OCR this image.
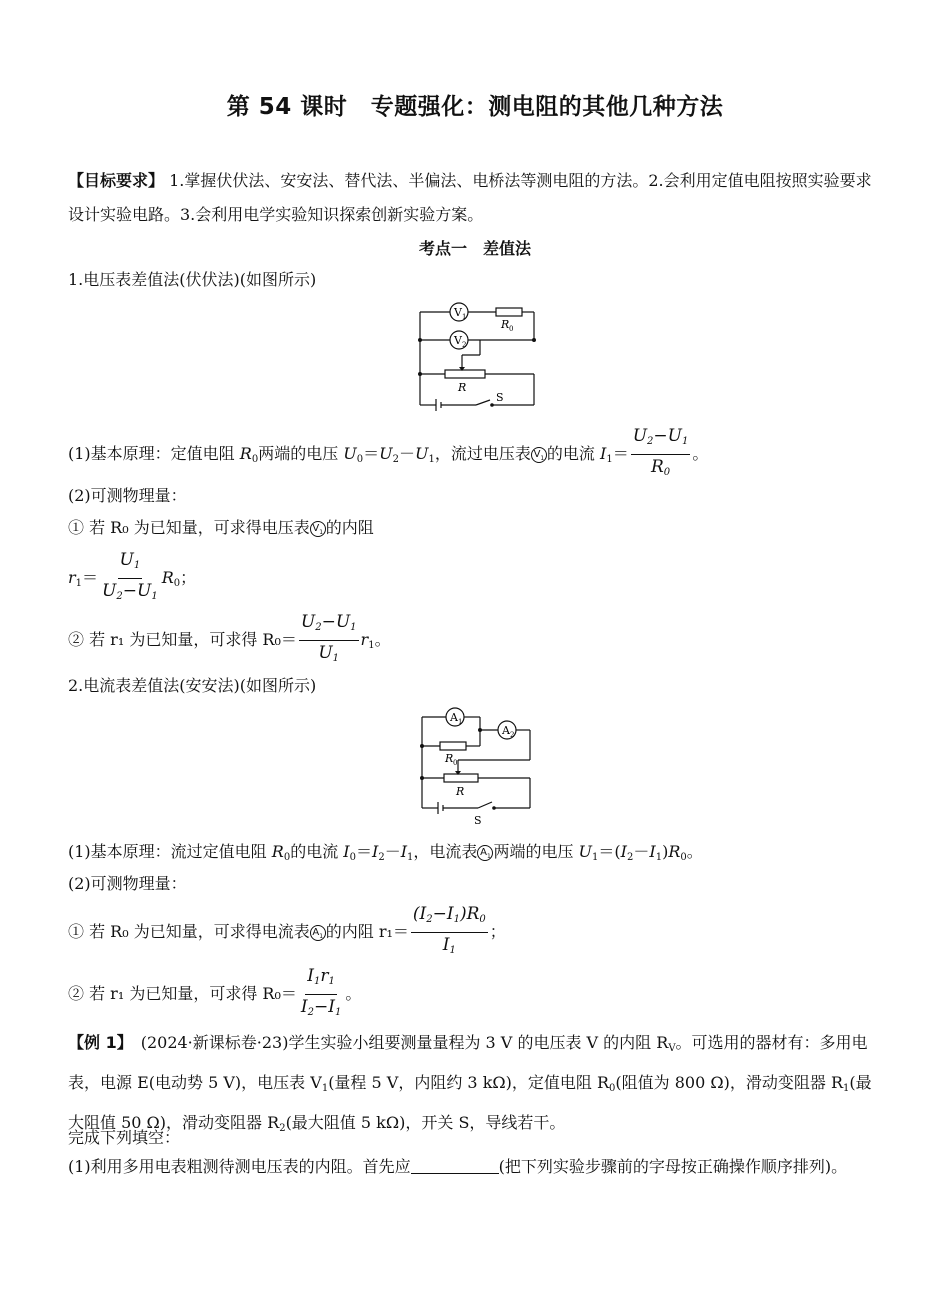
第 54 课时　专题强化：测电阻的其他几种方法
【目标要求】 1.掌握伏伏法、安安法、替代法、半偏法、电桥法等测电阻的方法。2.会利用定值电阻按照实验要求设计实验电路。3.会利用电学实验知识探索创新实验方案。
考点一　差值法
1.电压表差值法(伏伏法)(如图所示)
V 1
V 2
R 0
R
S
(1)基本原理：定值电阻 $R_0$两端的电压 $U_0=U_2-U_1$，流过电压表 $V_1$ 的电流 $I_1= \frac{U_2-U_1}{R_0}$ 。
(2)可测物理量：
① 若 R₀ 为已知量，可求得电压表 $V_1$ 的内阻
$r_1= \frac{U_1}{U_2-U_1} R_0$；
② 若 r₁ 为已知量，可求得 $R_0= \frac{U_2-U_1}{U_1} r_1$。
2.电流表差值法(安安法)(如图所示)
A 1
A 2
R 0
R
S
(1)基本原理：流过定值电阻 $R_0$的电流 $I_0=I_2-I_1$，电流表 $A_1$ 两端的电压 $U_1=(I_2-I_1)R_0$。
(2)可测物理量：
① 若 R₀ 为已知量，可求得电流表 $A_1$ 的内阻 $r_1= \frac{(I_2-I_1)R_0}{I_1}$ ；
② 若 r₁ 为已知量，可求得 $R_0= \frac{I_1r_1}{I_2-I_1}$ 。
【例 1】　(2024·新课标卷·23)学生实验小组要测量量程为 3 V 的电压表 V 的内阻 $R_V$。可选用的器材有：多用电表，电源 E(电动势 5 V)，电压表 $V_1$(量程 5 V，内阻约 3 kΩ)，定值电阻 $R_0$(阻值为 800 Ω)，滑动变阻器 $R_1$(最大阻值 50 Ω)，滑动变阻器 $R_2$(最大阻值 5 kΩ)，开关 S，导线若干。
完成下列填空：
(1)利用多用电表粗测待测电压表的内阻。首先应	(把下列实验步骤前的字母按正确操作顺序排列)。
